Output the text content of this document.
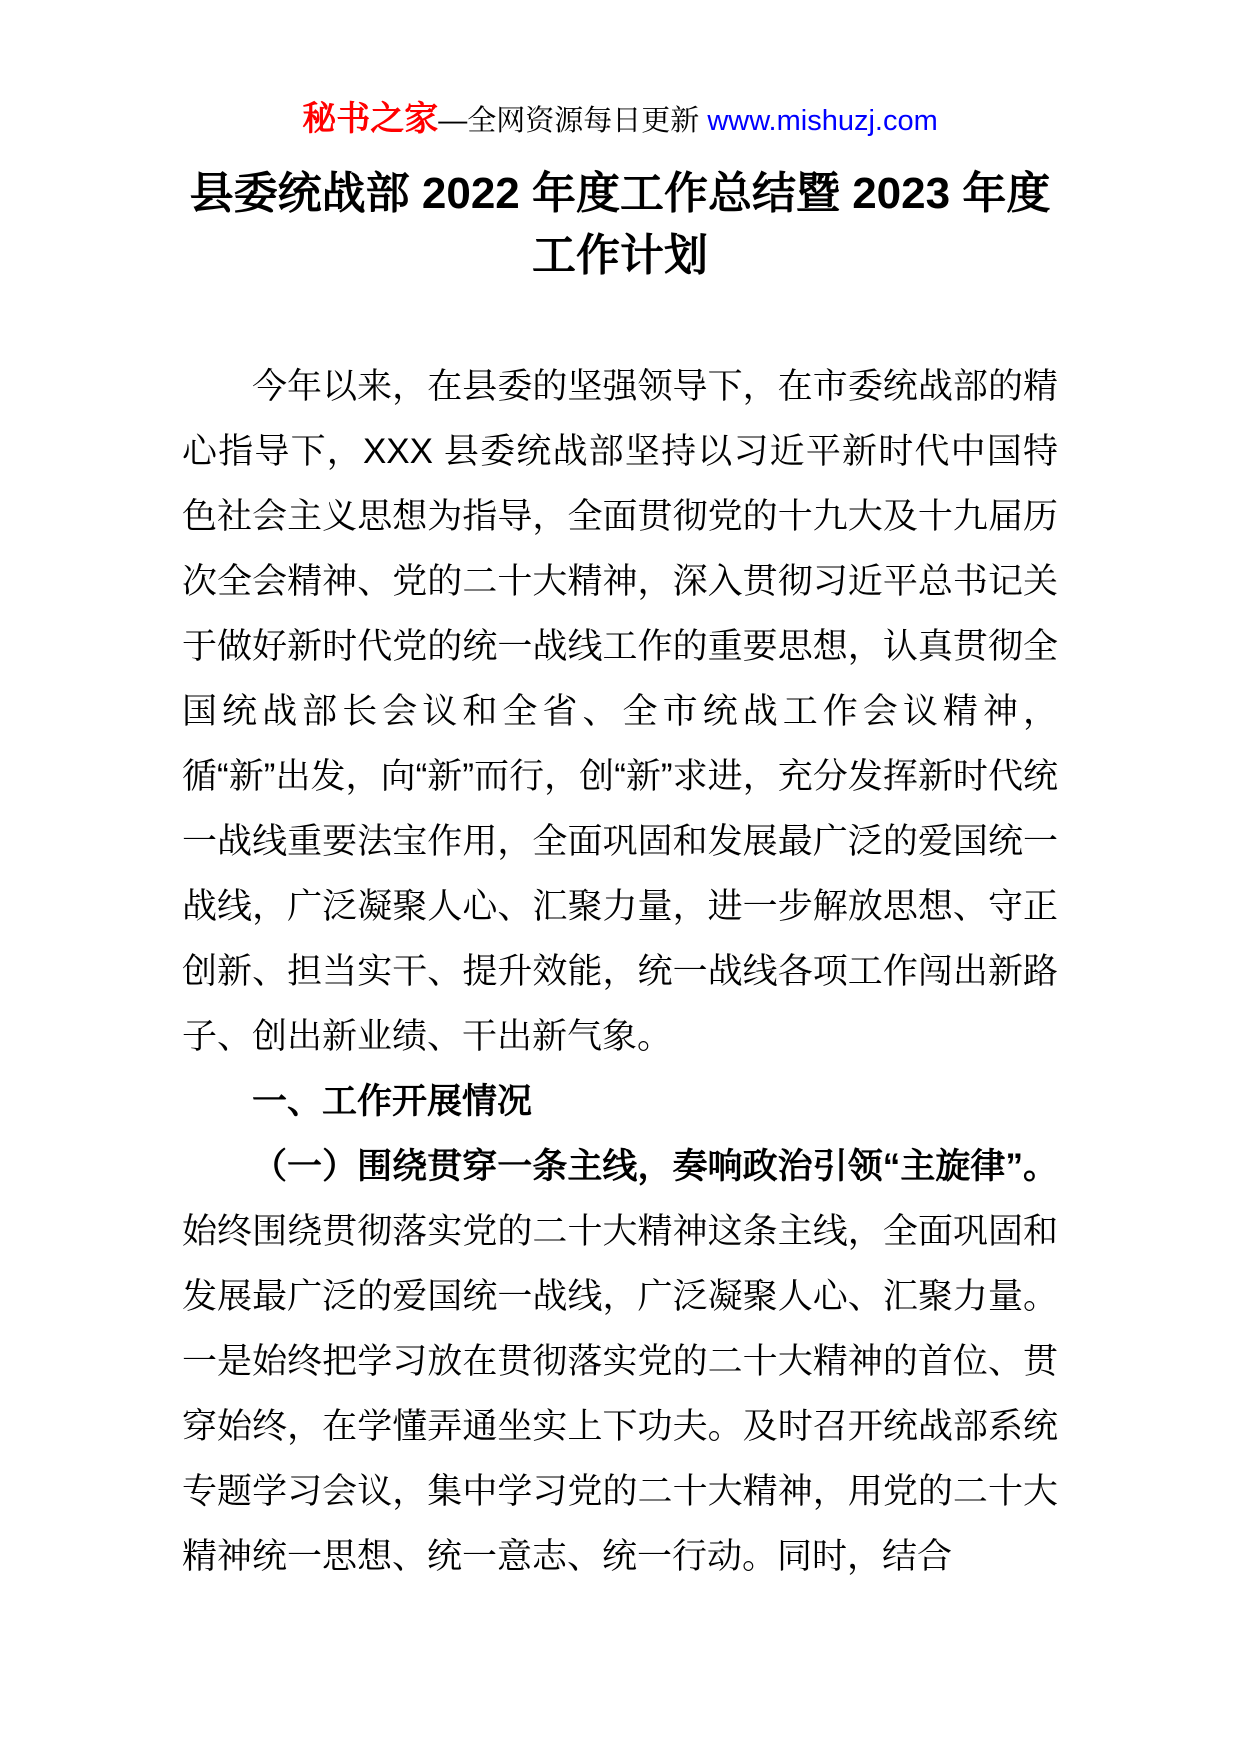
秘书之家—全网资源每日更新 www.mishuzj.com
县委统战部 2022 年度工作总结暨 2023 年度
工作计划

今年以来，在县委的坚强领导下，在市委统战部的精心指导下，XXX 县委统战部坚持以习近平新时代中国特色社会主义思想为指导，全面贯彻党的十九大及十九届历次全会精神、党的二十大精神，深入贯彻习近平总书记关于做好新时代党的统一战线工作的重要思想，认真贯彻全国统战部长会议和全省、全市统战工作会议精神，循“新”出发，向“新”而行，创“新”求进，充分发挥新时代统一战线重要法宝作用，全面巩固和发展最广泛的爱国统一战线，广泛凝聚人心、汇聚力量，进一步解放思想、守正创新、担当实干、提升效能，统一战线各项工作闯出新路子、创出新业绩、干出新气象。

一、工作开展情况

（一）围绕贯穿一条主线，奏响政治引领“主旋律”。始终围绕贯彻落实党的二十大精神这条主线，全面巩固和发展最广泛的爱国统一战线，广泛凝聚人心、汇聚力量。一是始终把学习放在贯彻落实党的二十大精神的首位、贯穿始终，在学懂弄通坐实上下功夫。及时召开统战部系统专题学习会议，集中学习党的二十大精神，用党的二十大精神统一思想、统一意志、统一行动。同时，结合
